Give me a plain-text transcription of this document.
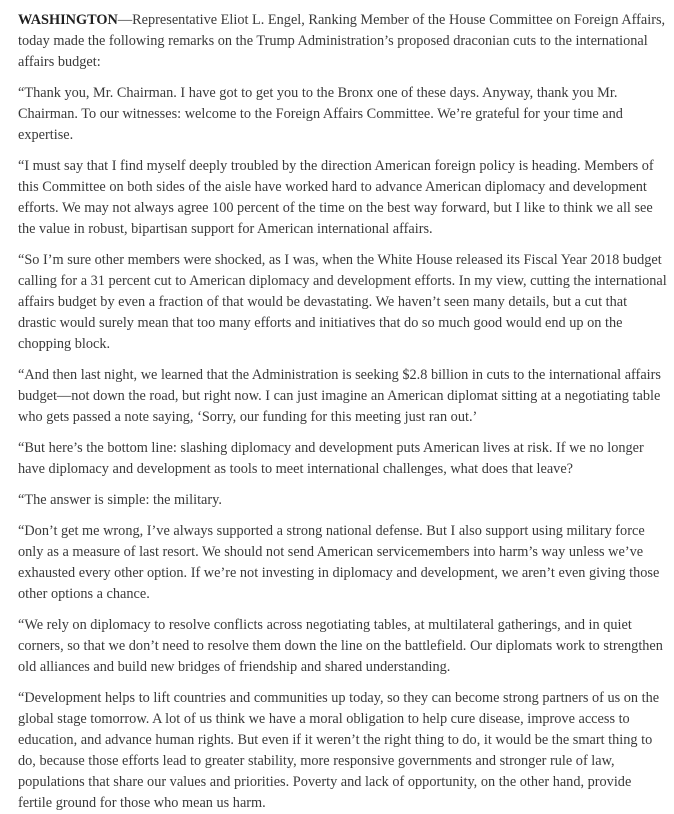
WASHINGTON—Representative Eliot L. Engel, Ranking Member of the House Committee on Foreign Affairs, today made the following remarks on the Trump Administration’s proposed draconian cuts to the international affairs budget:

“Thank you, Mr. Chairman. I have got to get you to the Bronx one of these days. Anyway, thank you Mr. Chairman. To our witnesses: welcome to the Foreign Affairs Committee. We’re grateful for your time and expertise.

“I must say that I find myself deeply troubled by the direction American foreign policy is heading. Members of this Committee on both sides of the aisle have worked hard to advance American diplomacy and development efforts. We may not always agree 100 percent of the time on the best way forward, but I like to think we all see the value in robust, bipartisan support for American international affairs.

“So I’m sure other members were shocked, as I was, when the White House released its Fiscal Year 2018 budget calling for a 31 percent cut to American diplomacy and development efforts. In my view, cutting the international affairs budget by even a fraction of that would be devastating. We haven’t seen many details, but a cut that drastic would surely mean that too many efforts and initiatives that do so much good would end up on the chopping block.

“And then last night, we learned that the Administration is seeking $2.8 billion in cuts to the international affairs budget—not down the road, but right now. I can just imagine an American diplomat sitting at a negotiating table who gets passed a note saying, ‘Sorry, our funding for this meeting just ran out.’

“But here’s the bottom line: slashing diplomacy and development puts American lives at risk. If we no longer have diplomacy and development as tools to meet international challenges, what does that leave?

“The answer is simple: the military.

“Don’t get me wrong, I’ve always supported a strong national defense. But I also support using military force only as a measure of last resort. We should not send American servicemembers into harm’s way unless we’ve exhausted every other option. If we’re not investing in diplomacy and development, we aren’t even giving those other options a chance.

“We rely on diplomacy to resolve conflicts across negotiating tables, at multilateral gatherings, and in quiet corners, so that we don’t need to resolve them down the line on the battlefield. Our diplomats work to strengthen old alliances and build new bridges of friendship and shared understanding.

“Development helps to lift countries and communities up today, so they can become strong partners of us on the global stage tomorrow. A lot of us think we have a moral obligation to help cure disease, improve access to education, and advance human rights. But even if it weren’t the right thing to do, it would be the smart thing to do, because those efforts lead to greater stability, more responsive governments and stronger rule of law, populations that share our values and priorities. Poverty and lack of opportunity, on the other hand, provide fertile ground for those who mean us harm.
